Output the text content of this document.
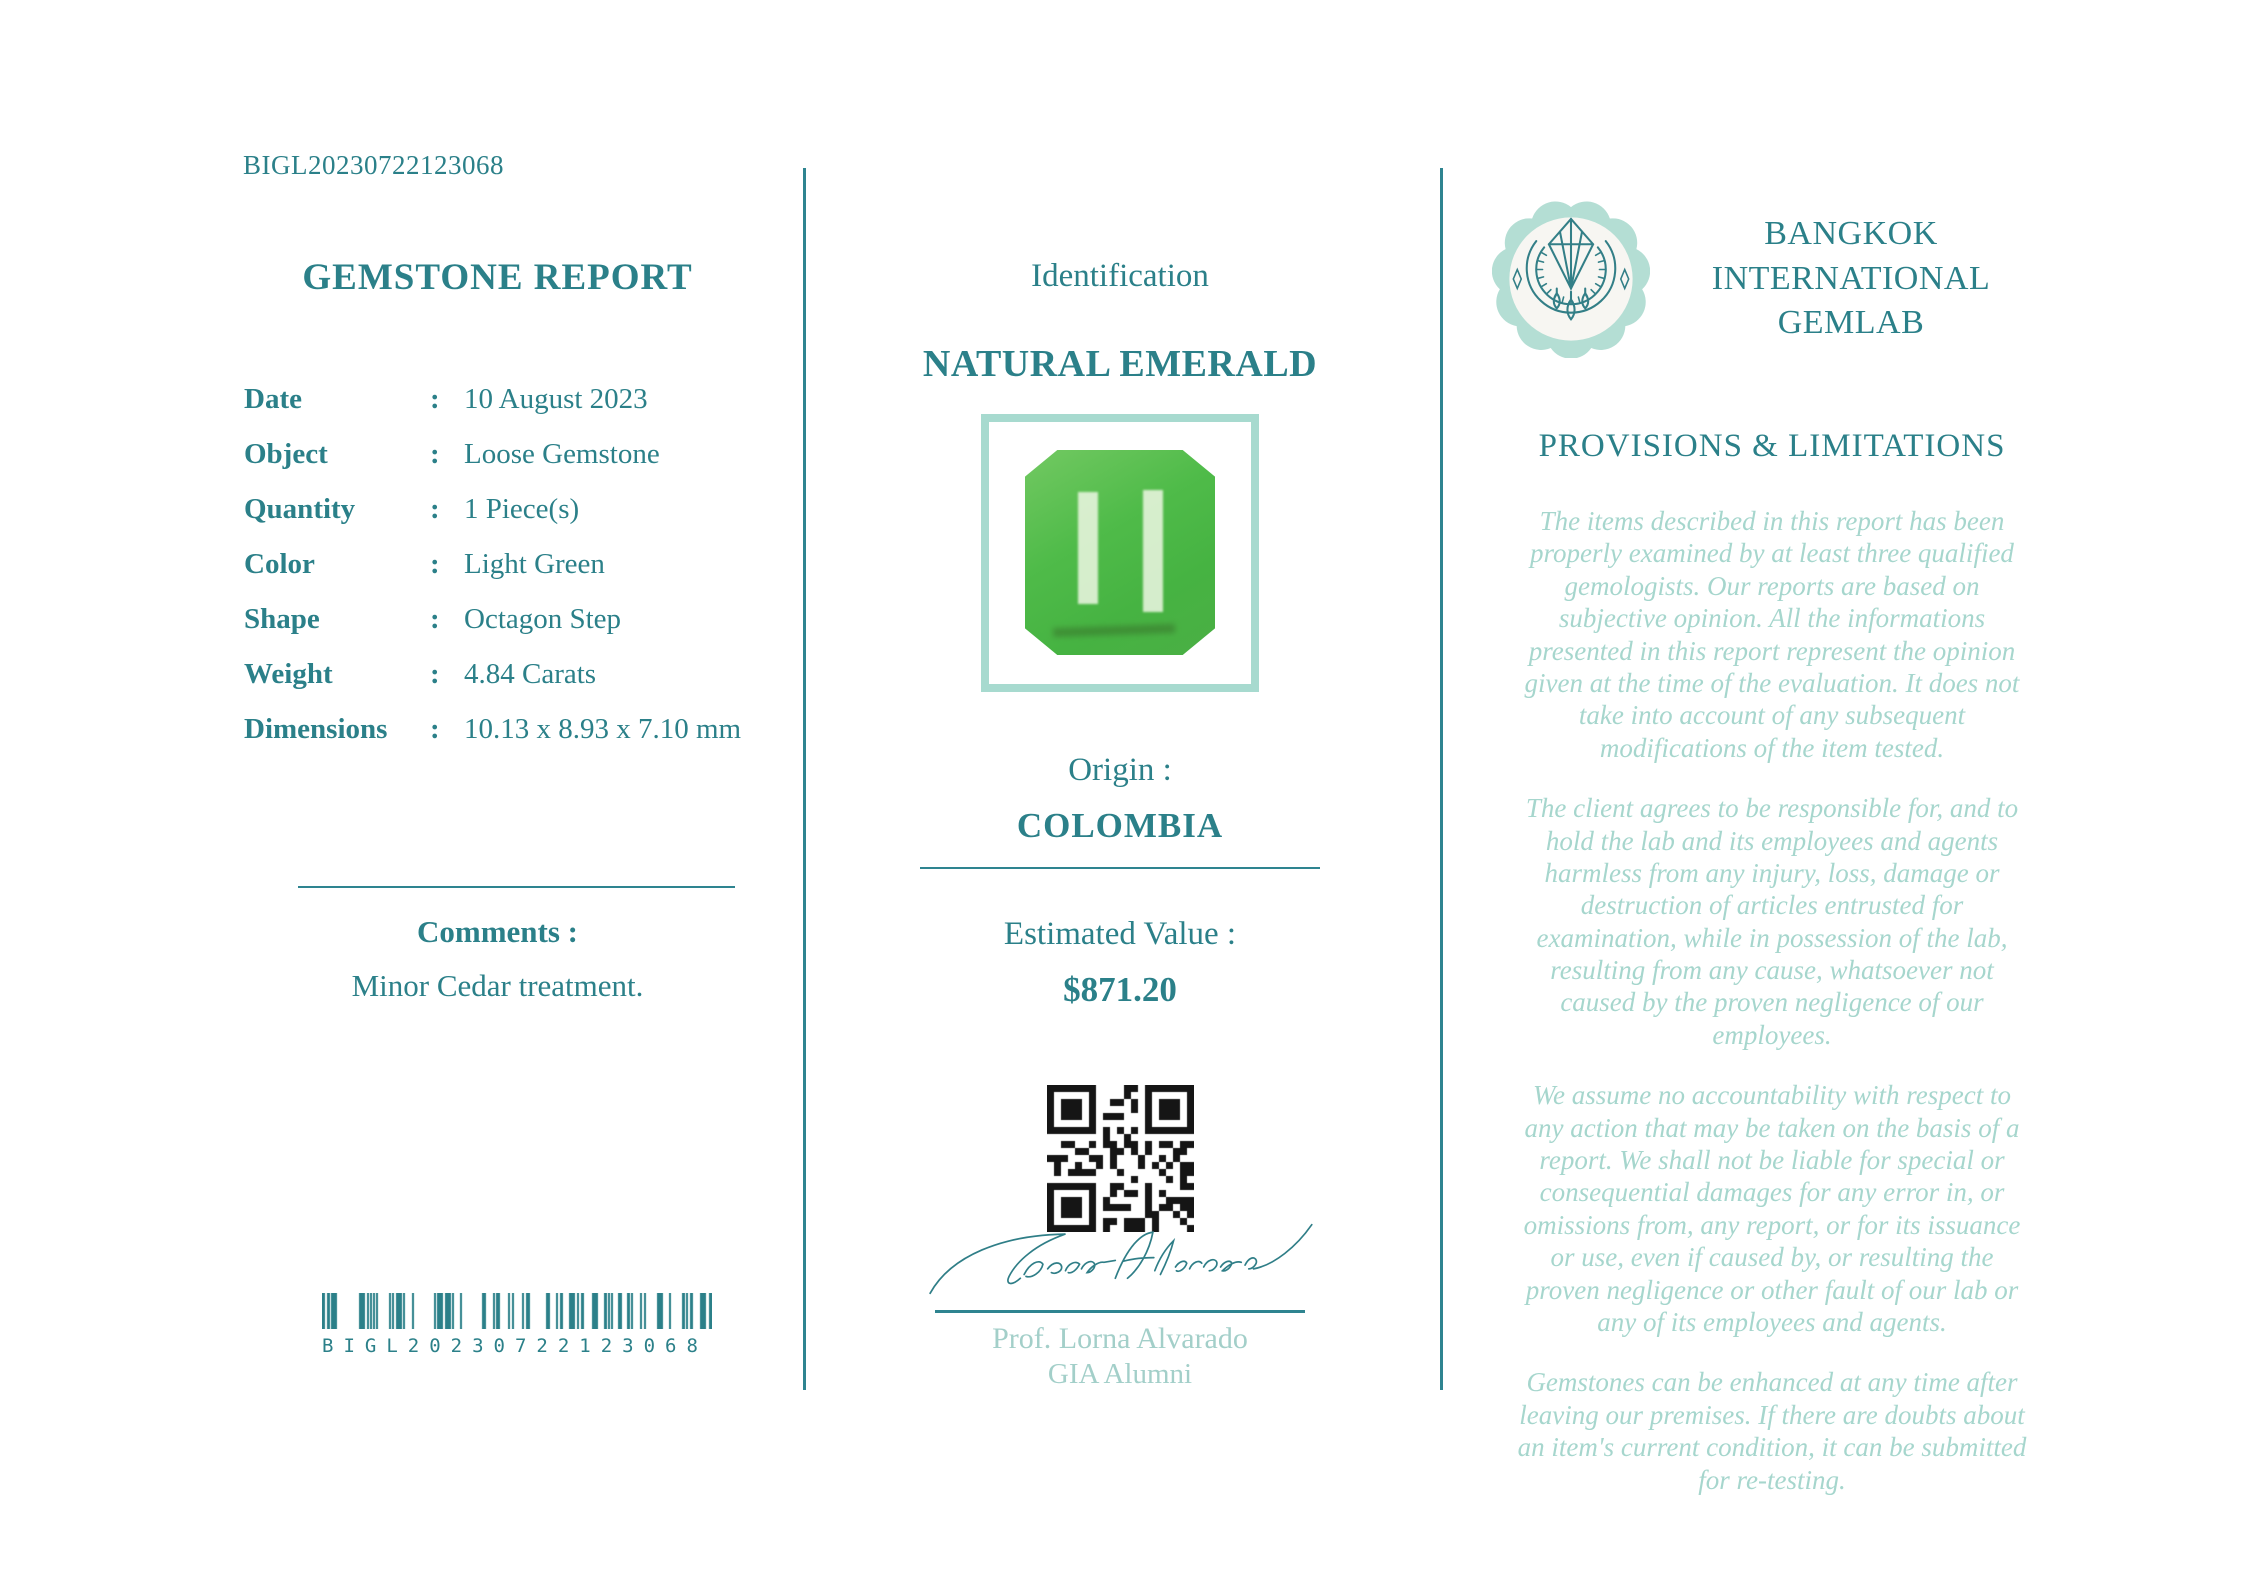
BIGL20230722123068
GEMSTONE REPORT
Date	: 10 August 2023
Object	: Loose Gemstone
Quantity	: 1 Piece(s)
Color	: Light Green
Shape	: Octagon Step
Weight	: 4.84 Carats
Dimensions	: 10.13 x 8.93 x 7.10 mm
Comments :
Minor Cedar treatment.
BIGL20230722123068
Identification
NATURAL EMERALD
Origin :
COLOMBIA
Estimated Value :
$871.20
Prof. Lorna Alvarado
GIA Alumni
BANGKOK
INTERNATIONAL
GEMLAB
PROVISIONS & LIMITATIONS

The items described in this report has been properly examined by at least three qualified gemologists. Our reports are based on subjective opinion. All the informations presented in this report represent the opinion given at the time of the evaluation. It does not take into account of any subsequent modifications of the item tested.

The client agrees to be responsible for, and to hold the lab and its employees and agents harmless from any injury, loss, damage or destruction of articles entrusted for examination, while in possession of the lab, resulting from any cause, whatsoever not caused by the proven negligence of our employees.

We assume no accountability with respect to any action that may be taken on the basis of a report. We shall not be liable for special or consequential damages for any error in, or omissions from, any report, or for its issuance or use, even if caused by, or resulting the proven negligence or other fault of our lab or any of its employees and agents.

Gemstones can be enhanced at any time after leaving our premises. If there are doubts about an item's current condition, it can be submitted for re-testing.
